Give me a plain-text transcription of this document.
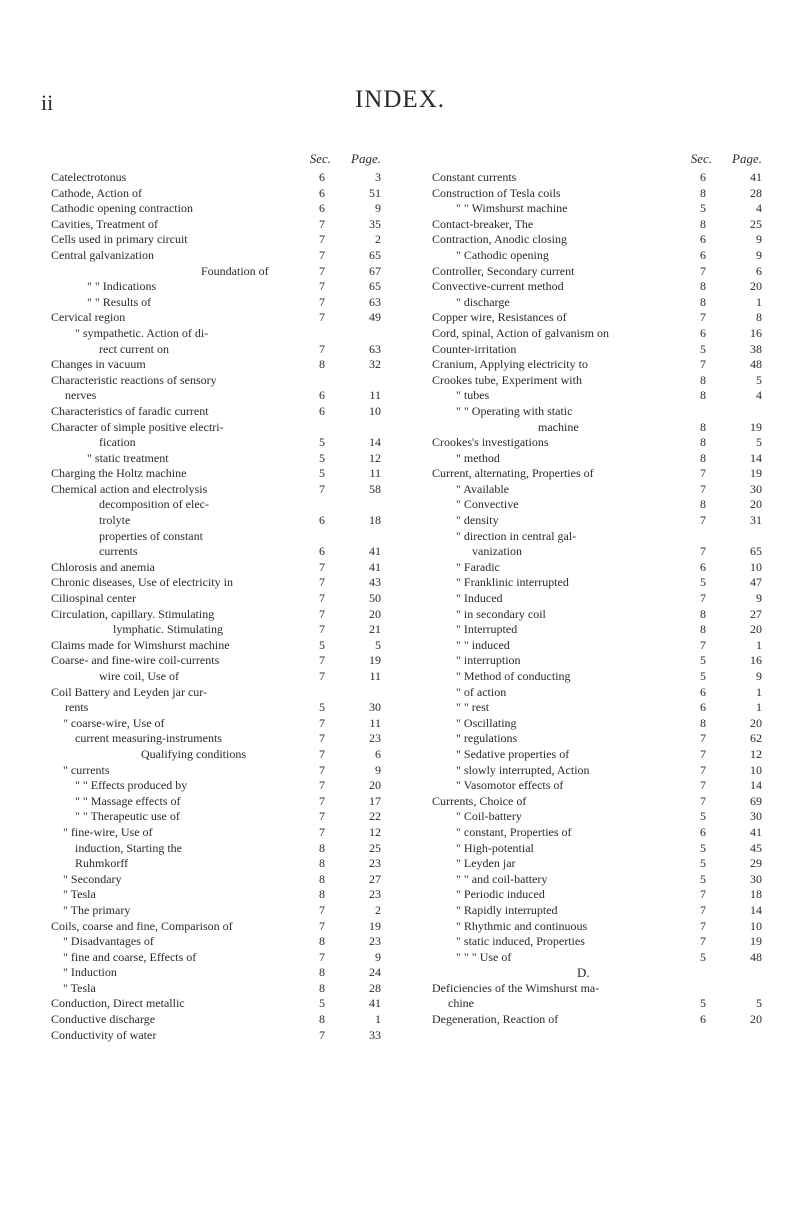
ii	INDEX.
Sec. Page.
Catelectrotonus	6	3
Cathode, Action of	6	51
Cathodic opening contraction	6	9
Cavities, Treatment of	7	35
Cells used in primary circuit	7	2
Central galvanization	7	65
Foundation of	7	67
" " Indications	7	65
" " Results of	7	63
Cervical region	7	49
" sympathetic. Action of di-
rect current on	7	63
Changes in vacuum	8	32
Characteristic reactions of sensory
nerves	6	11
Characteristics of faradic current	6	10
Character of simple positive electri-
fication	5	14
" static treatment	5	12
Charging the Holtz machine	5	11
Chemical action and electrolysis	7	58
decomposition of elec-
trolyte	6	18
properties of constant
currents	6	41
Chlorosis and anemia	7	41
Chronic diseases, Use of electricity in	7	43
Ciliospinal center	7	50
Circulation, capillary. Stimulating	7	20
lymphatic. Stimulating	7	21
Claims made for Wimshurst machine	5	5
Coarse- and fine-wire coil-currents	7	19
wire coil, Use of	7	11
Coil Battery and Leyden jar cur-
rents	5	30
" coarse-wire, Use of	7	11
current measuring-instruments	7	23
Qualifying conditions	7	6
" currents	7	9
" " Effects produced by	7	20
" " Massage effects of	7	17
" " Therapeutic use of	7	22
" fine-wire, Use of	7	12
induction, Starting the	8	25
Ruhmkorff	8	23
" Secondary	8	27
" Tesla	8	23
" The primary	7	2
Coils, coarse and fine, Comparison of	7	19
" Disadvantages of	8	23
" fine and coarse, Effects of	7	9
" Induction	8	24
" Tesla	8	28
Conduction, Direct metallic	5	41
Conductive discharge	8	1
Conductivity of water	7	33
Sec. Page.
Constant currents	6	41
Construction of Tesla coils	8	28
" " Wimshurst machine	5	4
Contact-breaker, The	8	25
Contraction, Anodic closing	6	9
" Cathodic opening	6	9
Controller, Secondary current	7	6
Convective-current method	8	20
" discharge	8	1
Copper wire, Resistances of	7	8
Cord, spinal, Action of galvanism on	6	16
Counter-irritation	5	38
Cranium, Applying electricity to	7	48
Crookes tube, Experiment with	8	5
" tubes	8	4
" " Operating with static
machine	8	19
Crookes's investigations	8	5
" method	8	14
Current, alternating, Properties of	7	19
" Available	7	30
" Convective	8	20
" density	7	31
" direction in central gal-
vanization	7	65
" Faradic	6	10
" Franklinic interrupted	5	47
" Induced	7	9
" in secondary coil	8	27
" Interrupted	8	20
" " induced	7	1
" interruption	5	16
" Method of conducting	5	9
" of action	6	1
" " rest	6	1
" Oscillating	8	20
" regulations	7	62
" Sedative properties of	7	12
" slowly interrupted, Action	7	10
" Vasomotor effects of	7	14
Currents, Choice of	7	69
" Coil-battery	5	30
" constant, Properties of	6	41
" High-potential	5	45
" Leyden jar	5	29
" " and coil-battery	5	30
" Periodic induced	7	18
" Rapidly interrupted	7	14
" Rhythmic and continuous	7	10
" static induced, Properties	7	19
" " " Use of	5	48
D.
Deficiencies of the Wimshurst ma-
chine	5	5
Degeneration, Reaction of	6	20
